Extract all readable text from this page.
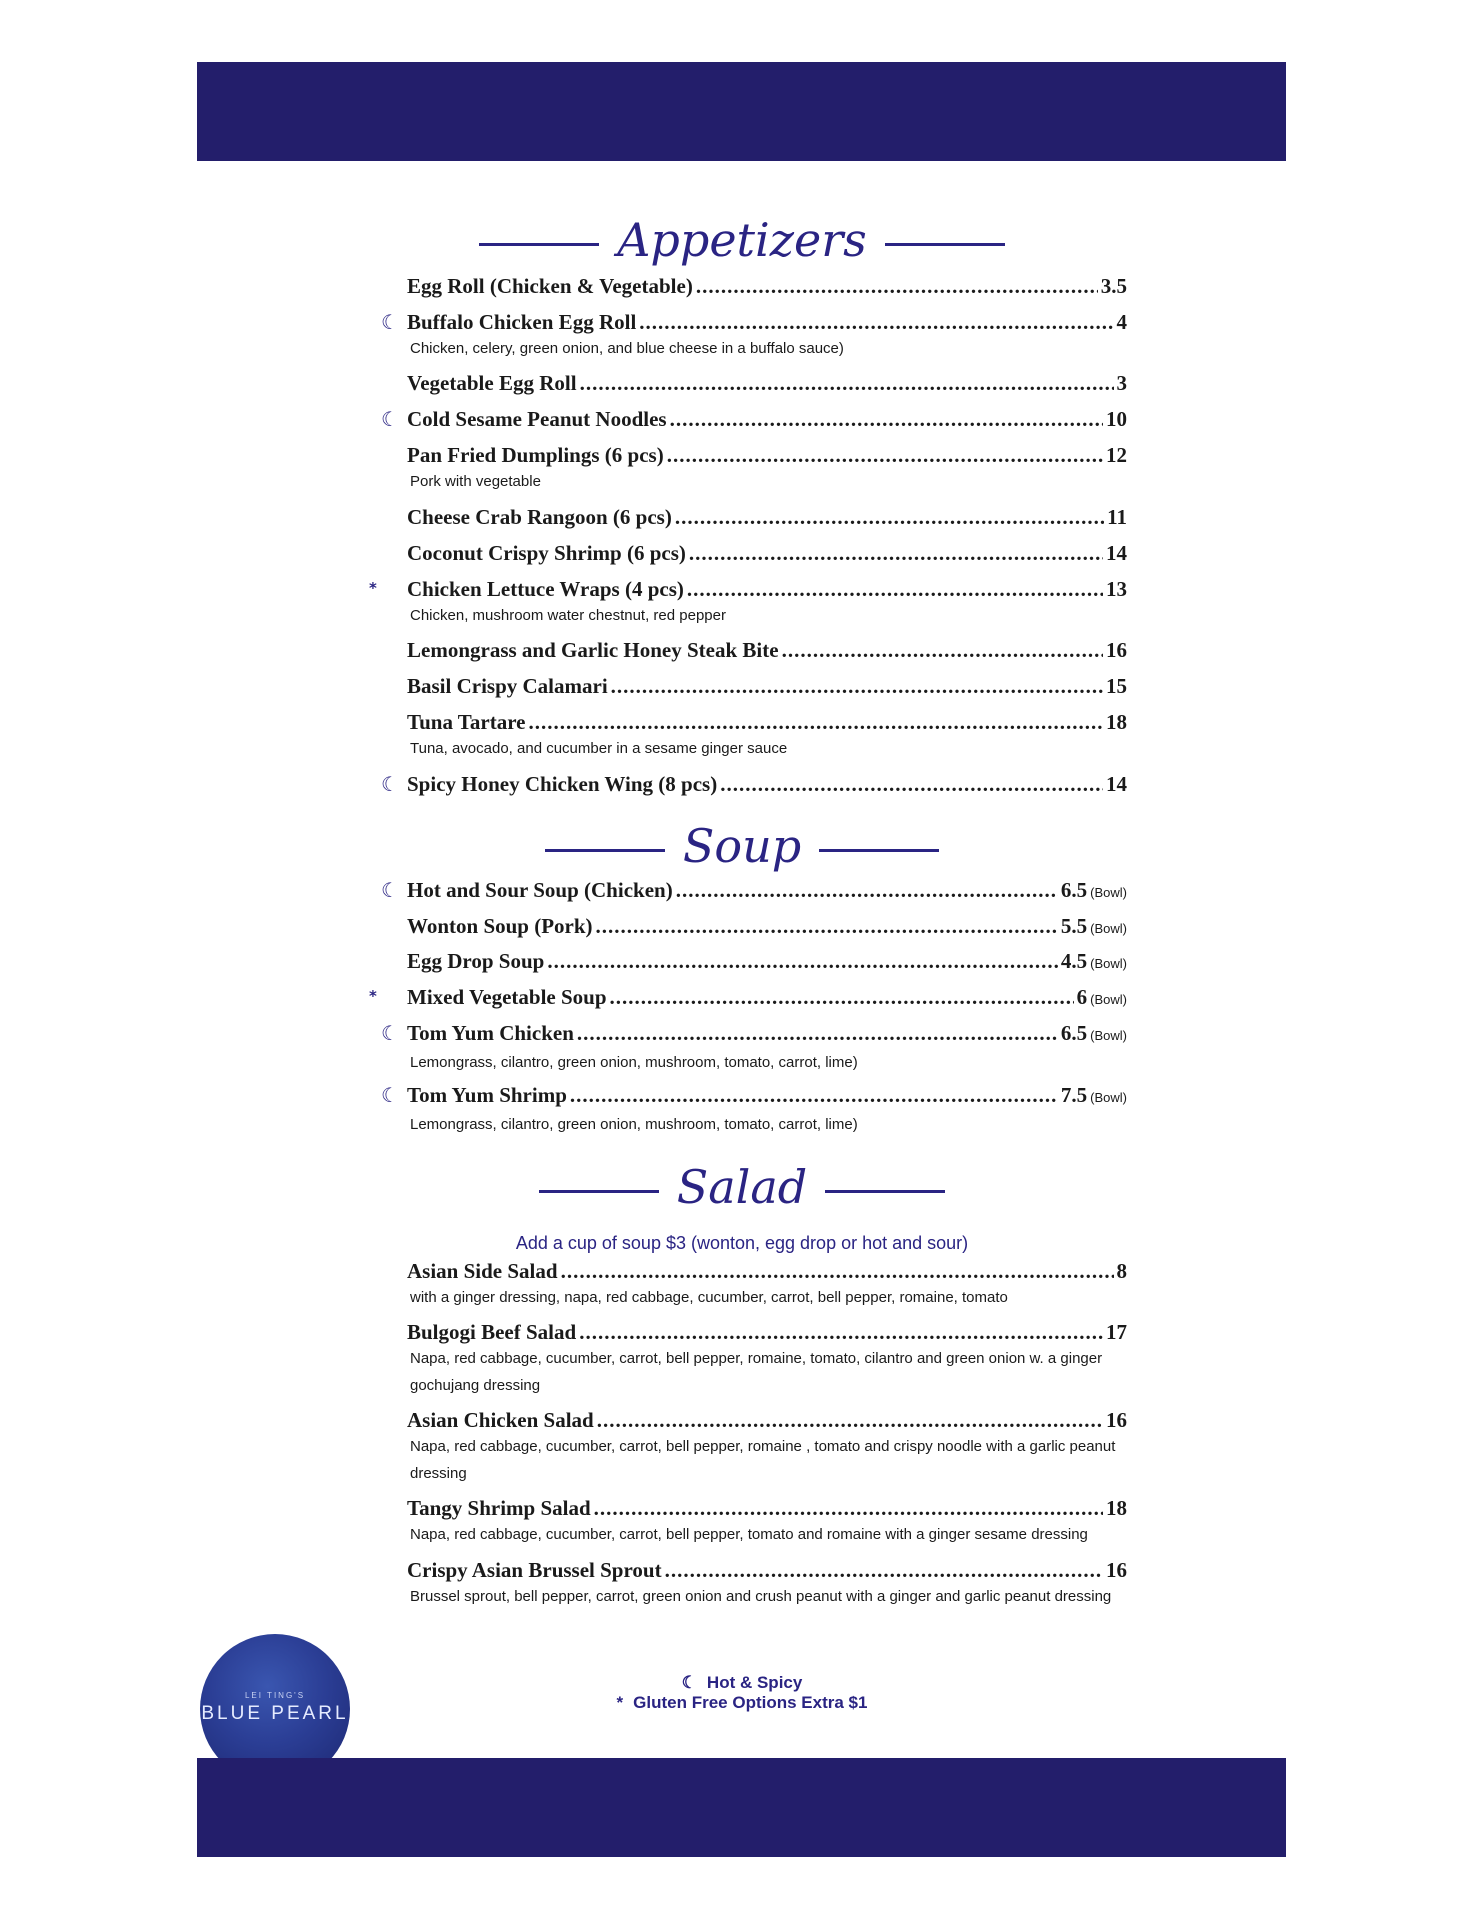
Appetizers
Egg Roll (Chicken & Vegetable) .....	3.5
☾ Buffalo Chicken Egg Roll .....	4
Chicken, celery, green onion, and blue cheese in a buffalo sauce)
Vegetable Egg Roll .....	3
☾ Cold Sesame Peanut Noodles .....	10
Pan Fried Dumplings (6 pcs) .....	12
Pork with vegetable
Cheese Crab Rangoon (6 pcs) .....	11
Coconut Crispy Shrimp (6 pcs) .....	14
* Chicken Lettuce Wraps (4 pcs) .....	13
Chicken, mushroom water chestnut, red pepper
Lemongrass and Garlic Honey Steak Bite .....	16
Basil Crispy Calamari .....	15
Tuna Tartare .....	18
Tuna, avocado, and cucumber in a sesame ginger sauce
☾ Spicy Honey Chicken Wing (8 pcs) .....	14
Soup
☾ Hot and Sour Soup (Chicken) .....	6.5 (Bowl)
Wonton Soup (Pork) .....	5.5 (Bowl)
Egg Drop Soup .....	4.5 (Bowl)
* Mixed Vegetable Soup .....	6 (Bowl)
☾ Tom Yum Chicken .....	6.5 (Bowl)
Lemongrass, cilantro, green onion, mushroom, tomato, carrot, lime)
☾ Tom Yum Shrimp .....	7.5 (Bowl)
Lemongrass, cilantro, green onion, mushroom, tomato, carrot, lime)
Salad
Add a cup of soup $3 (wonton, egg drop or hot and sour)
Asian Side Salad .....	8
with a ginger dressing, napa, red cabbage, cucumber, carrot, bell pepper, romaine, tomato
Bulgogi Beef Salad .....	17
Napa, red cabbage, cucumber, carrot, bell pepper, romaine, tomato, cilantro and green onion w. a ginger gochujang dressing
Asian Chicken Salad .....	16
Napa, red cabbage, cucumber, carrot, bell pepper, romaine , tomato and crispy noodle with a garlic peanut dressing
Tangy Shrimp Salad .....	18
Napa, red cabbage, cucumber, carrot, bell pepper, tomato and romaine with a ginger sesame dressing
Crispy Asian Brussel Sprout .....	16
Brussel sprout, bell pepper, carrot, green onion and crush peanut with a ginger and garlic peanut dressing
LEI TING'S
BLUE PEARL
☾ Hot & Spicy
* Gluten Free Options Extra $1
